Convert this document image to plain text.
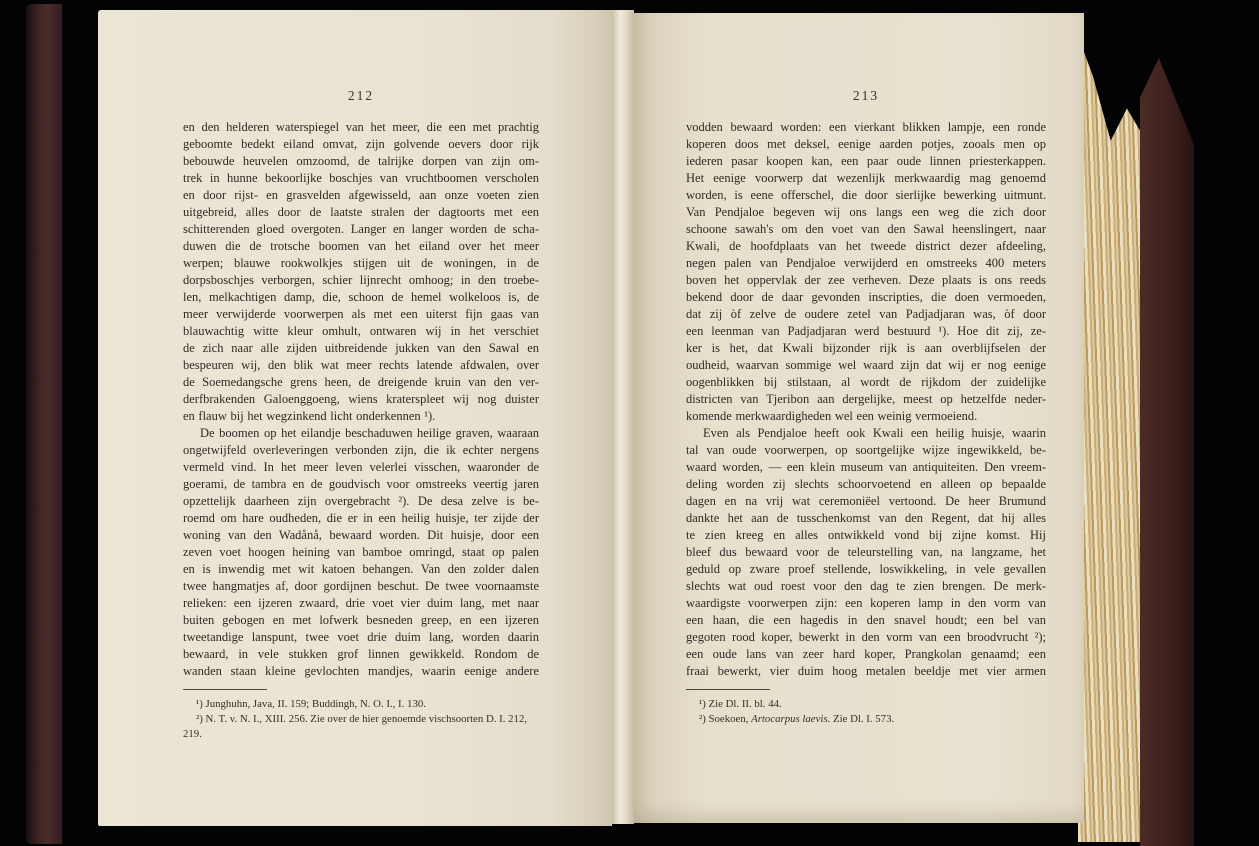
212
en den helderen waterspiegel van het meer, die een met prachtig
geboomte bedekt eiland omvat, zijn golvende oevers door rijk
bebouwde heuvelen omzoomd, de talrijke dorpen van zijn om-
trek in hunne bekoorlijke boschjes van vruchtboomen verscholen
en door rijst- en grasvelden afgewisseld, aan onze voeten zien
uitgebreid, alles door de laatste stralen der dagtoorts met een
schitterenden gloed overgoten. Langer en langer worden de scha-
duwen die de trotsche boomen van het eiland over het meer
werpen; blauwe rookwolkjes stijgen uit de woningen, in de
dorpsboschjes verborgen, schier lijnrecht omhoog; in den troebe-
len, melkachtigen damp, die, schoon de hemel wolkeloos is, de
meer verwijderde voorwerpen als met een uiterst fijn gaas van
blauwachtig witte kleur omhult, ontwaren wij in het verschiet
de zich naar alle zijden uitbreidende jukken van den Sawal en
bespeuren wij, den blik wat meer rechts latende afdwalen, over
de Soemedangsche grens heen, de dreigende kruin van den ver-
derfbrakenden Galoenggoeng, wiens kraterspleet wij nog duister
en flauw bij het wegzinkend licht onderkennen ¹).
De boomen op het eilandje beschaduwen heilige graven, waaraan
ongetwijfeld overleveringen verbonden zijn, die ik echter nergens
vermeld vind. In het meer leven velerlei visschen, waaronder de
goerami, de tambra en de goudvisch voor omstreeks veertig jaren
opzettelijk daarheen zijn overgebracht ²). De desa zelve is be-
roemd om hare oudheden, die er in een heilig huisje, ter zijde der
woning van den Wadånå, bewaard worden. Dit huisje, door een
zeven voet hoogen heining van bamboe omringd, staat op palen
en is inwendig met wit katoen behangen. Van den zolder dalen
twee hangmatjes af, door gordijnen beschut. De twee voornaamste
relieken: een ijzeren zwaard, drie voet vier duim lang, met naar
buiten gebogen en met lofwerk besneden greep, en een ijzeren
tweetandige lanspunt, twee voet drie duim lang, worden daarin
bewaard, in vele stukken grof linnen gewikkeld. Rondom de
wanden staan kleine gevlochten mandjes, waarin eenige andere
¹) Junghuhn, Java, II. 159; Buddingh, N. O. I., I. 130.
²) N. T. v. N. I., XIII. 256. Zie over de hier genoemde vischsoorten D. I. 212, 219.
213
vodden bewaard worden: een vierkant blikken lampje, een ronde
koperen doos met deksel, eenige aarden potjes, zooals men op
iederen pasar koopen kan, een paar oude linnen priesterkappen.
Het eenige voorwerp dat wezenlijk merkwaardig mag genoemd
worden, is eene offerschel, die door sierlijke bewerking uitmunt.
Van Pendjaloe begeven wij ons langs een weg die zich door
schoone sawah's om den voet van den Sawal heenslingert, naar
Kwali, de hoofdplaats van het tweede district dezer afdeeling,
negen palen van Pendjaloe verwijderd en omstreeks 400 meters
boven het oppervlak der zee verheven. Deze plaats is ons reeds
bekend door de daar gevonden inscripties, die doen vermoeden,
dat zij òf zelve de oudere zetel van Padjadjaran was, òf door
een leenman van Padjadjaran werd bestuurd ¹). Hoe dit zij, ze-
ker is het, dat Kwali bijzonder rijk is aan overblijfselen der
oudheid, waarvan sommige wel waard zijn dat wij er nog eenige
oogenblikken bij stilstaan, al wordt de rijkdom der zuidelijke
districten van Tjeribon aan dergelijke, meest op hetzelfde neder-
komende merkwaardigheden wel een weinig vermoeiend.
Even als Pendjaloe heeft ook Kwali een heilig huisje, waarin
tal van oude voorwerpen, op soortgelijke wijze ingewikkeld, be-
waard worden, — een klein museum van antiquiteiten. Den vreem-
deling worden zij slechts schoorvoetend en alleen op bepaalde
dagen en na vrij wat ceremoniëel vertoond. De heer Brumund
dankte het aan de tusschenkomst van den Regent, dat hij alles
te zien kreeg en alles ontwikkeld vond bij zijne komst. Hij
bleef dus bewaard voor de teleurstelling van, na langzame, het
geduld op zware proef stellende, loswikkeling, in vele gevallen
slechts wat oud roest voor den dag te zien brengen. De merk-
waardigste voorwerpen zijn: een koperen lamp in den vorm van
een haan, die een hagedis in den snavel houdt; een bel van
gegoten rood koper, bewerkt in den vorm van een broodvrucht ²);
een oude lans van zeer hard koper, Prangkolan genaamd; een
fraai bewerkt, vier duim hoog metalen beeldje met vier armen
¹) Zie Dl. II. bl. 44.
²) Soekoen, Artocarpus laevis. Zie Dl. I. 573.
